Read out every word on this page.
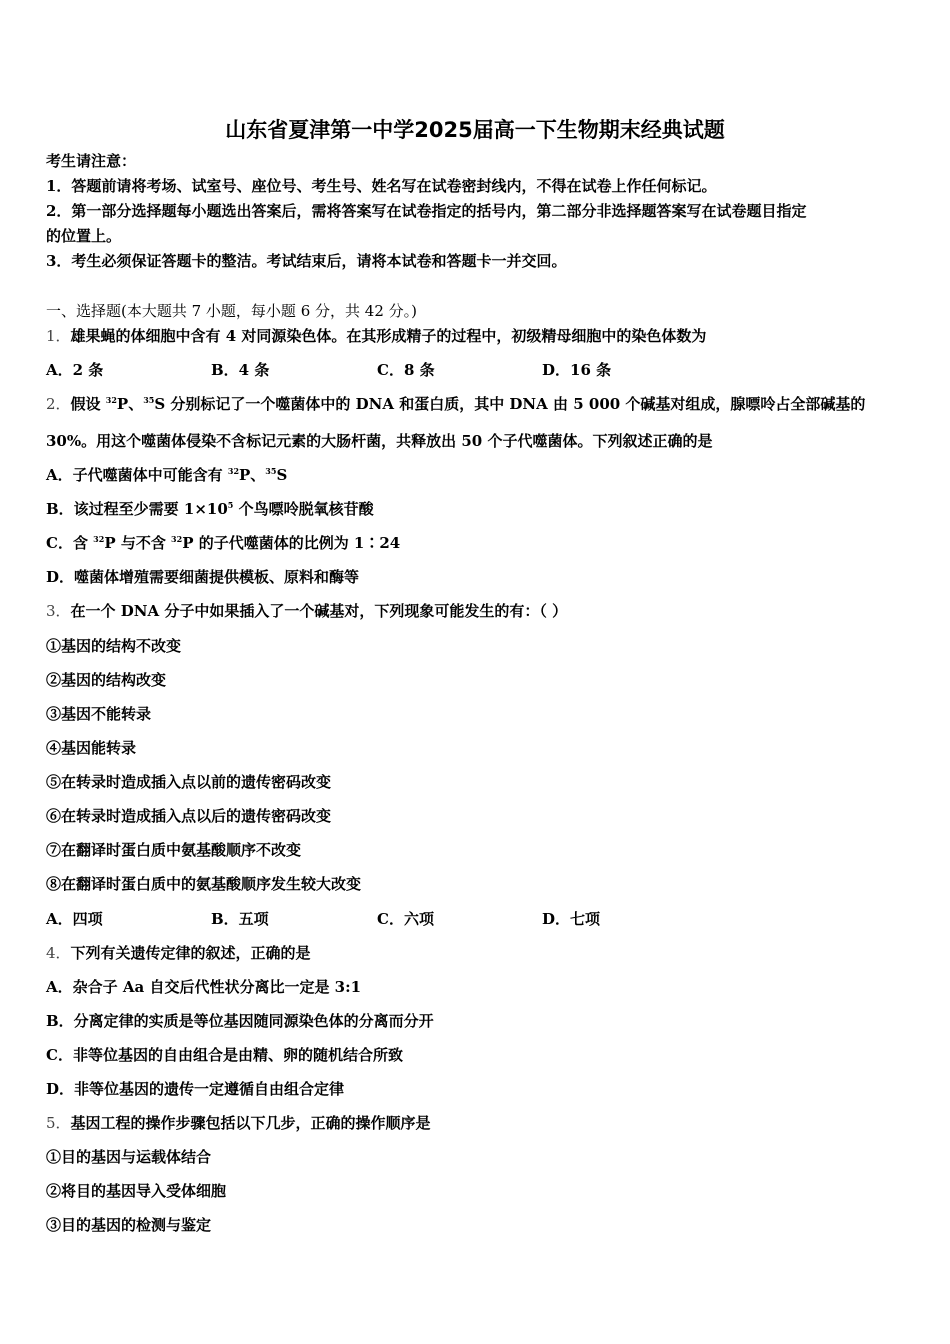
山东省夏津第一中学2025届高一下生物期末经典试题
考生请注意：
1．答题前请将考场、试室号、座位号、考生号、姓名写在试卷密封线内，不得在试卷上作任何标记。
2．第一部分选择题每小题选出答案后，需将答案写在试卷指定的括号内，第二部分非选择题答案写在试卷题目指定
的位置上。
3．考生必须保证答题卡的整洁。考试结束后，请将本试卷和答题卡一并交回。
一、选择题(本大题共 7 小题，每小题 6 分，共 42 分。)
1．雄果蝇的体细胞中含有 4 对同源染色体。在其形成精子的过程中，初级精母细胞中的染色体数为
A．2 条	B．4 条	C．8 条	D．16 条
2．假设 $^{32}$P、$^{35}$S 分别标记了一个噬菌体中的 DNA 和蛋白质，其中 DNA 由 5 000 个碱基对组成，腺嘌呤占全部碱基的
30%。用这个噬菌体侵染不含标记元素的大肠杆菌，共释放出 50 个子代噬菌体。下列叙述正确的是
A．子代噬菌体中可能含有 $^{32}$P、$^{35}$S
B．该过程至少需要 $1\times 10^5$ 个鸟嘌呤脱氧核苷酸
C．含 $^{32}$P 与不含 $^{32}$P 的子代噬菌体的比例为 1∶24
D．噬菌体增殖需要细菌提供模板、原料和酶等
3．在一个 DNA 分子中如果插入了一个碱基对，下列现象可能发生的有：（ ）
①基因的结构不改变
②基因的结构改变
③基因不能转录
④基因能转录
⑤在转录时造成插入点以前的遗传密码改变
⑥在转录时造成插入点以后的遗传密码改变
⑦在翻译时蛋白质中氨基酸顺序不改变
⑧在翻译时蛋白质中的氨基酸顺序发生较大改变
A．四项	B．五项	C．六项	D．七项
4．下列有关遗传定律的叙述，正确的是
A．杂合子 Aa 自交后代性状分离比一定是 3:1
B．分离定律的实质是等位基因随同源染色体的分离而分开
C．非等位基因的自由组合是由精、卵的随机结合所致
D．非等位基因的遗传一定遵循自由组合定律
5．基因工程的操作步骤包括以下几步，正确的操作顺序是
①目的基因与运载体结合
②将目的基因导入受体细胞
③目的基因的检测与鉴定
